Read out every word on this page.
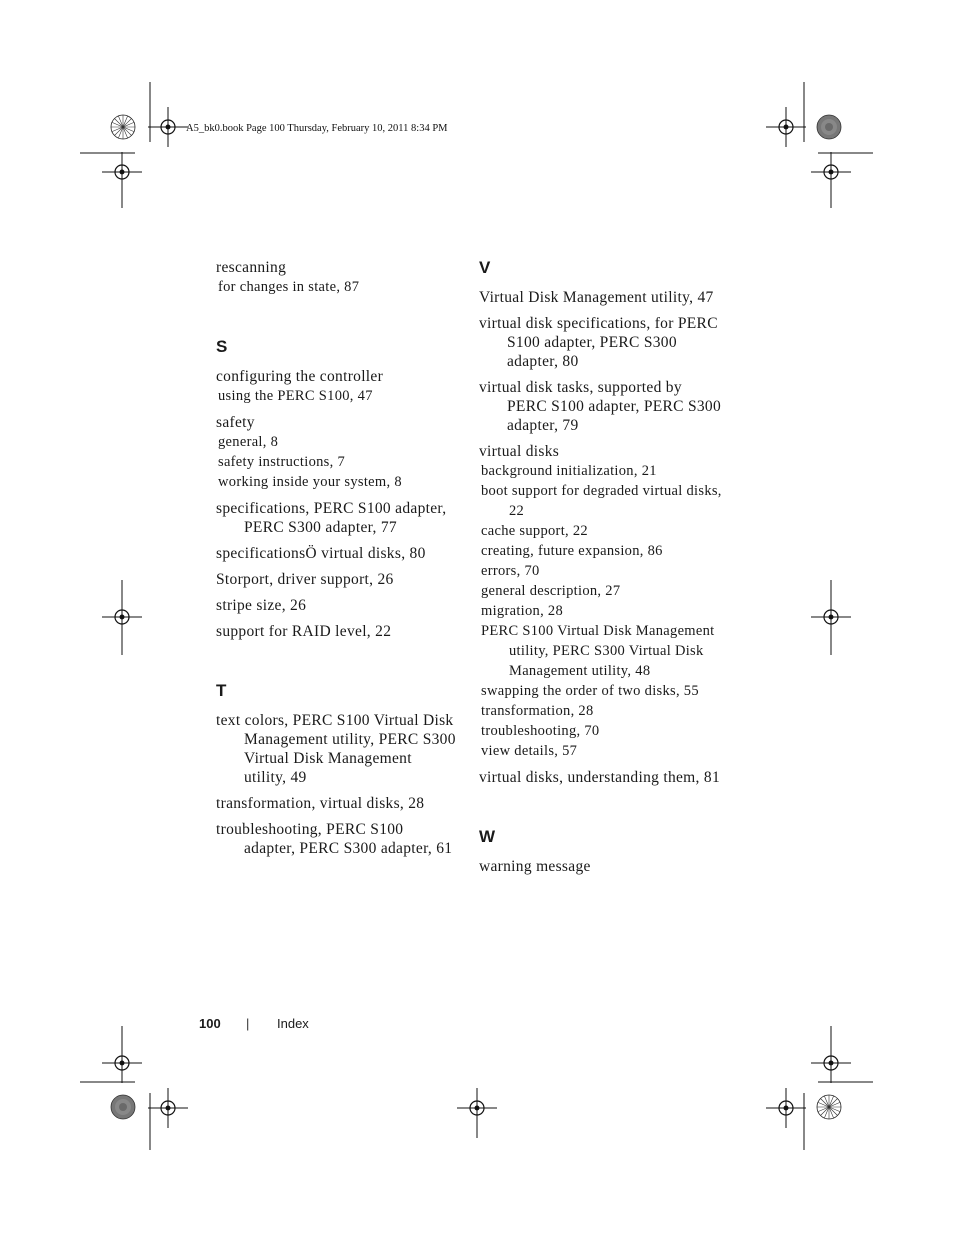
A5_bk0.book Page 100 Thursday, February 10, 2011 8:34 PM
rescanning
for changes in state, 87
S
configuring the controller
using the PERC S100, 47
safety
general, 8
safety instructions, 7
working inside your system, 8
specifications, PERC S100 adapter, PERC S300 adapter, 77
specificationsÖ virtual disks, 80
Storport, driver support, 26
stripe size, 26
support for RAID level, 22
T
text colors, PERC S100 Virtual Disk Management utility, PERC S300 Virtual Disk Management utility, 49
transformation, virtual disks, 28
troubleshooting, PERC S100 adapter, PERC S300 adapter, 61
V
Virtual Disk Management utility, 47
virtual disk specifications, for PERC S100 adapter, PERC S300 adapter, 80
virtual disk tasks, supported by PERC S100 adapter, PERC S300 adapter, 79
virtual disks
background initialization, 21
boot support for degraded virtual disks, 22
cache support, 22
creating, future expansion, 86
errors, 70
general description, 27
migration, 28
PERC S100 Virtual Disk Management utility, PERC S300 Virtual Disk Management utility, 48
swapping the order of two disks, 55
transformation, 28
troubleshooting, 70
view details, 57
virtual disks, understanding them, 81
W
warning message
100 | Index
